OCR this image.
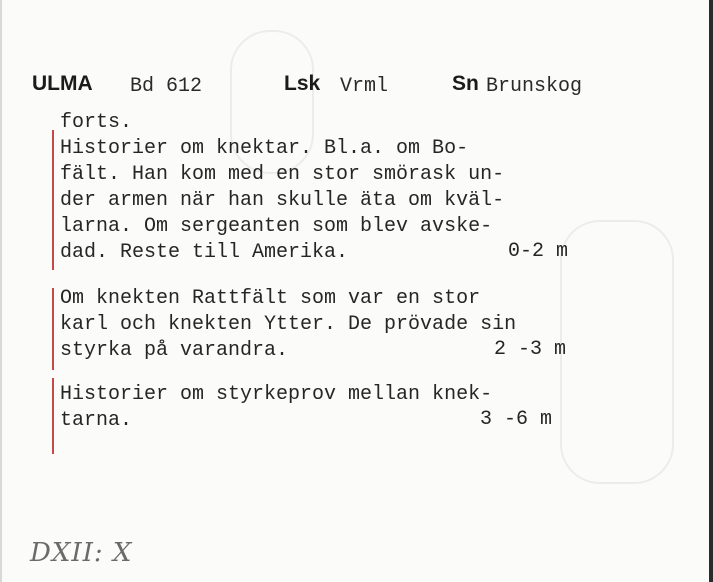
ULMA Bd 612	Lsk Vrml	Sn Brunskog
forts.
Historier om knektar. Bl.a. om Bo-
fält. Han kom med en stor smörask un-
der armen när han skulle äta om kväl-
larna. Om sergeanten som blev avske-
dad. Reste till Amerika.	0-2 m
Om knekten Rattfält som var en stor
karl och knekten Ytter. De prövade sin
styrka på varandra.	2 -3 m
Historier om styrkeprov mellan knek-
tarna.	3 -6 m
DXII: X
